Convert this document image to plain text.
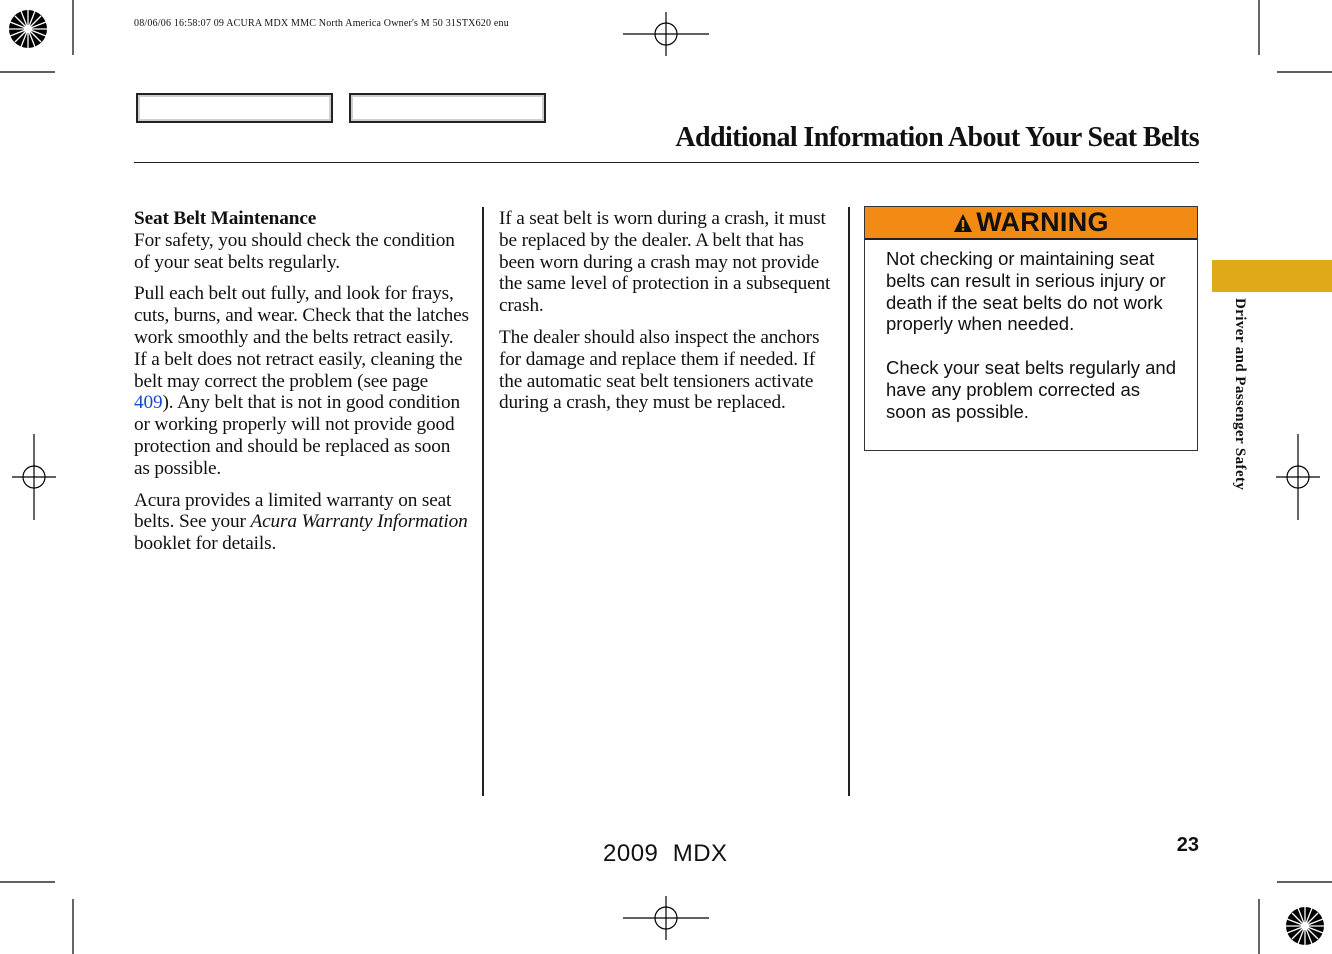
08/06/06 16:58:07 09 ACURA MDX MMC North America Owner's M 50 31STX620 enu
Additional Information About Your Seat Belts

Seat Belt Maintenance
For safety, you should check the condition of your seat belts regularly.

Pull each belt out fully, and look for frays, cuts, burns, and wear. Check that the latches work smoothly and the belts retract easily. If a belt does not retract easily, cleaning the belt may correct the problem (see page 409). Any belt that is not in good condition or working properly will not provide good protection and should be replaced as soon as possible.

Acura provides a limited warranty on seat belts. See your Acura Warranty Information booklet for details.

If a seat belt is worn during a crash, it must be replaced by the dealer. A belt that has been worn during a crash may not provide the same level of protection in a subsequent crash.

The dealer should also inspect the anchors for damage and replace them if needed. If the automatic seat belt tensioners activate during a crash, they must be replaced.

WARNING

Not checking or maintaining seat belts can result in serious injury or death if the seat belts do not work properly when needed.

Check your seat belts regularly and have any problem corrected as soon as possible.	Driver and Passenger Safety
23
2009  MDX
